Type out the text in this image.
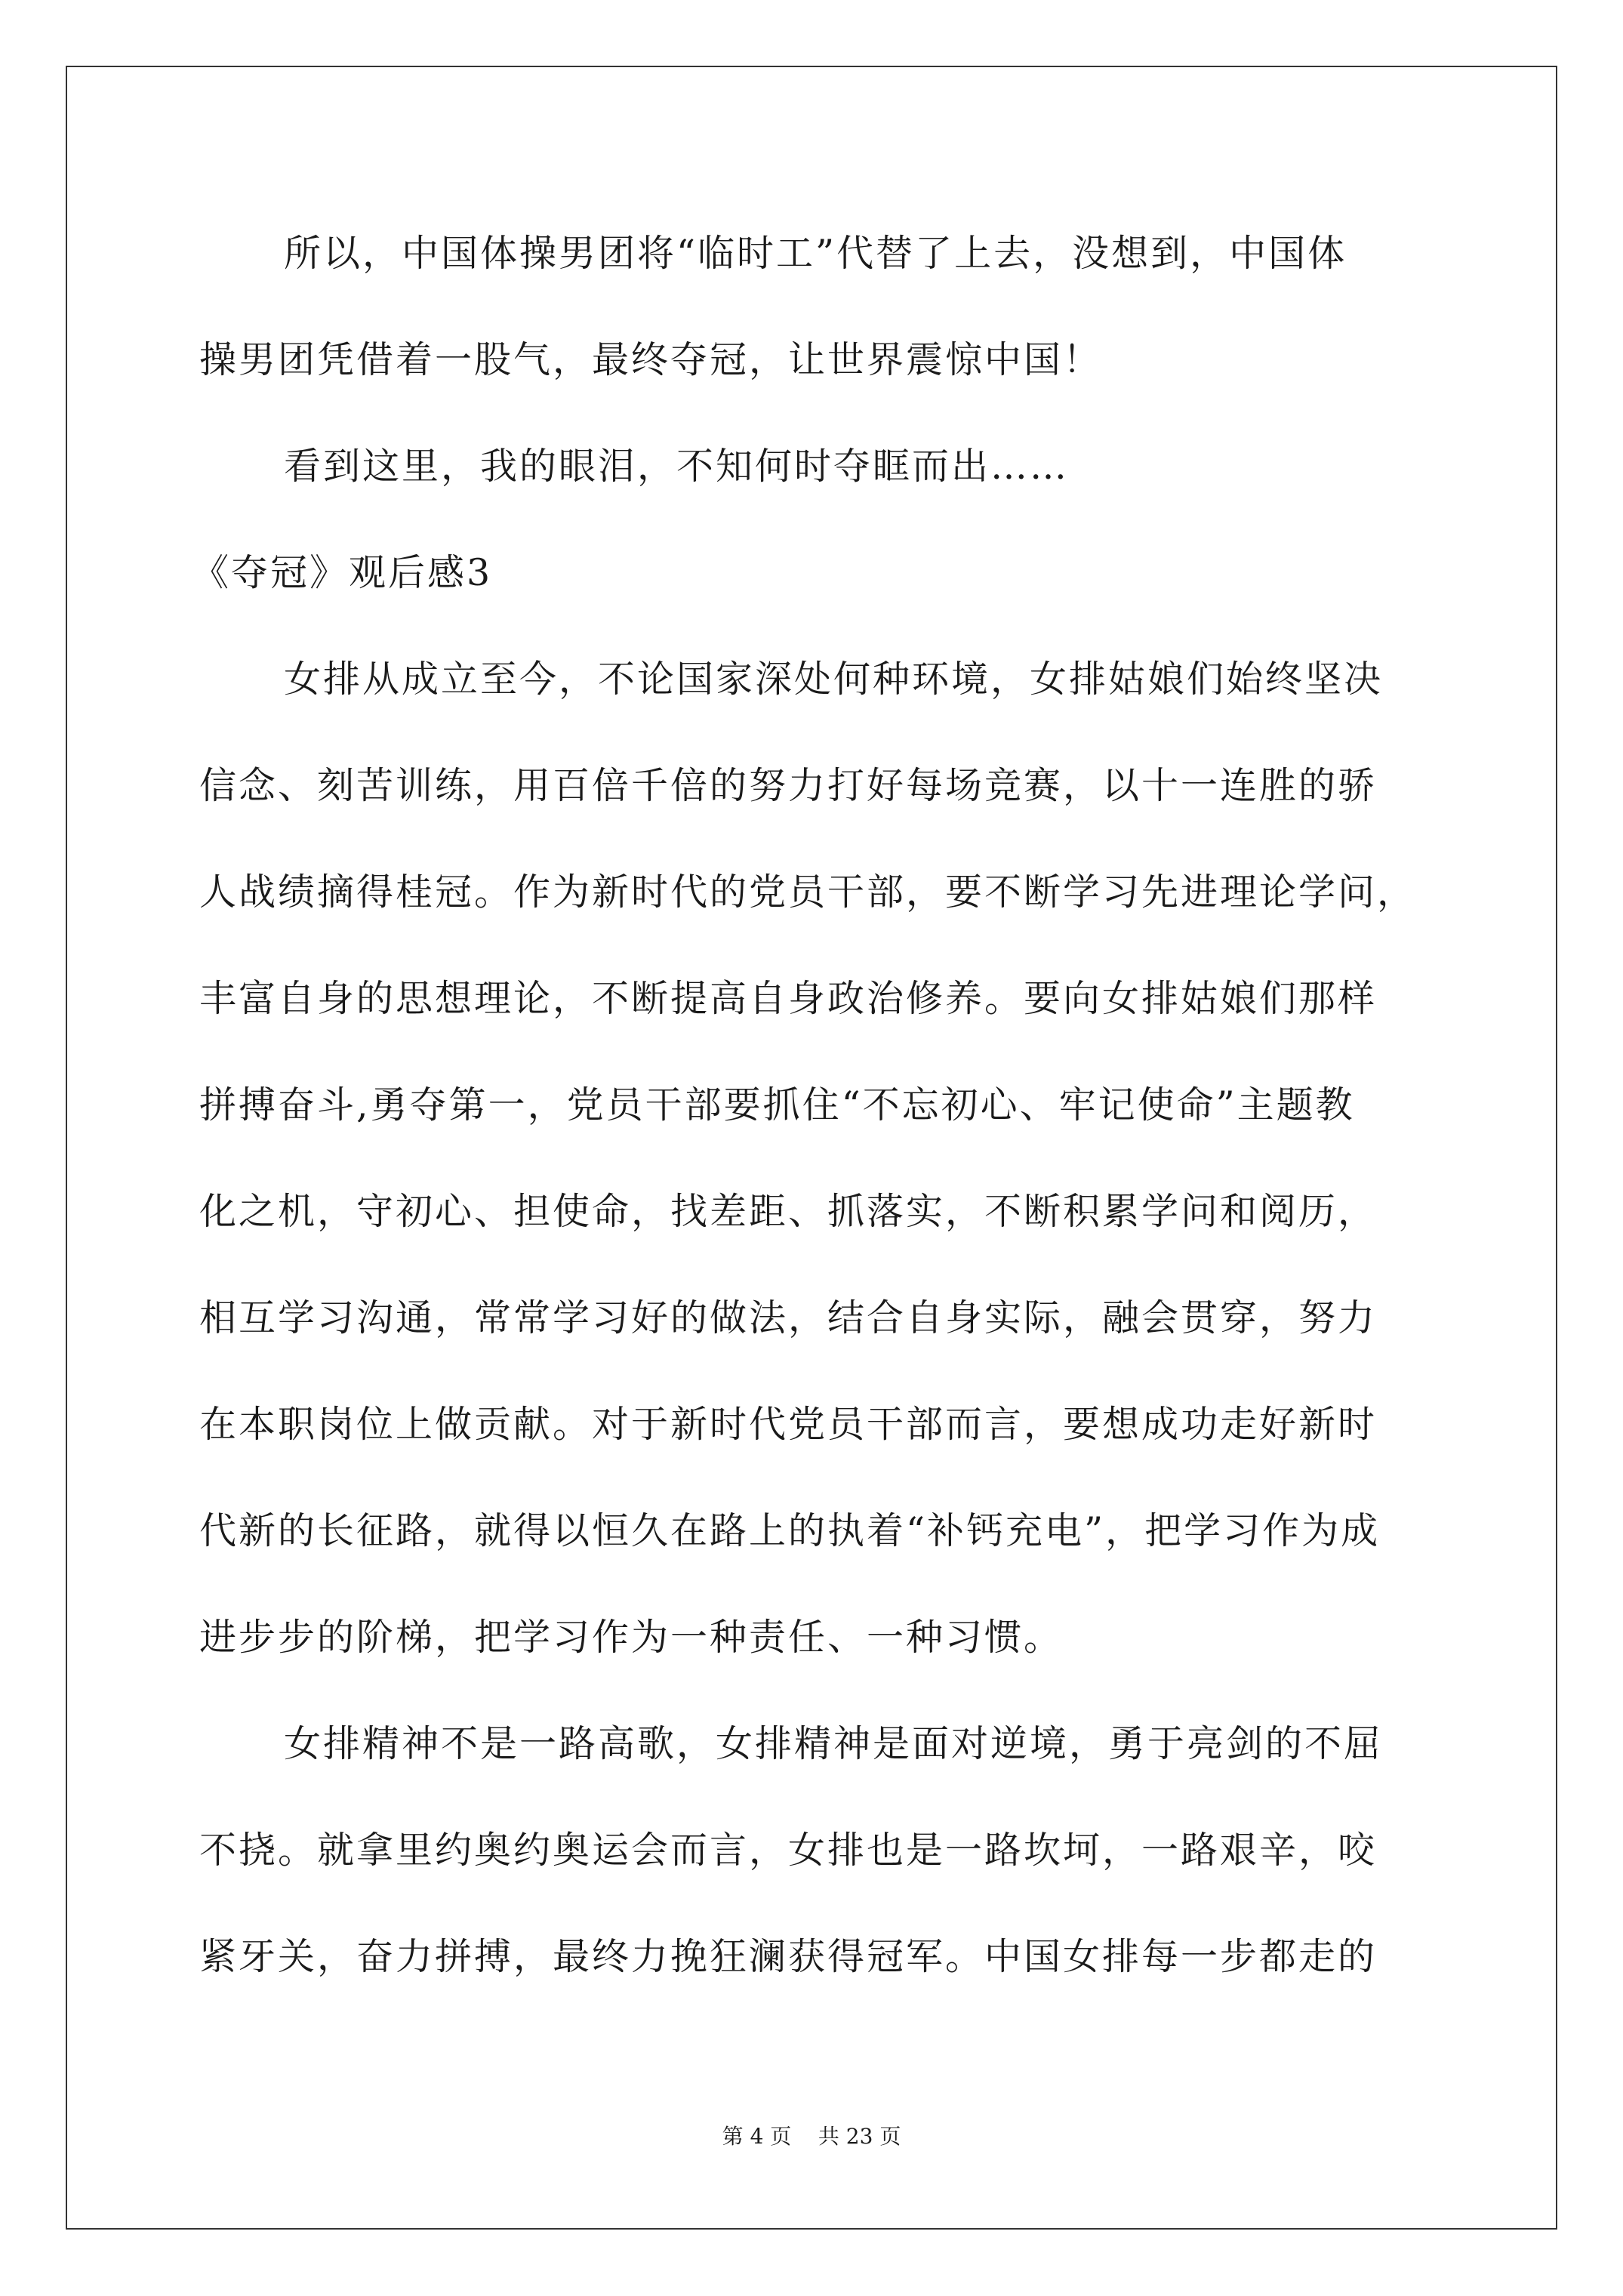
所以，中国体操男团将“临时工”代替了上去，没想到，中国体
操男团凭借着一股气，最终夺冠，让世界震惊中国！
看到这里，我的眼泪，不知何时夺眶而出……
《夺冠》观后感3
女排从成立至今，不论国家深处何种环境，女排姑娘们始终坚决
信念、刻苦训练，用百倍千倍的努力打好每场竞赛，以十一连胜的骄
人战绩摘得桂冠。作为新时代的党员干部，要不断学习先进理论学问，
丰富自身的思想理论，不断提高自身政治修养。要向女排姑娘们那样
拼搏奋斗,勇夺第一，党员干部要抓住“不忘初心、牢记使命”主题教
化之机，守初心、担使命，找差距、抓落实，不断积累学问和阅历，
相互学习沟通，常常学习好的做法，结合自身实际，融会贯穿，努力
在本职岗位上做贡献。对于新时代党员干部而言，要想成功走好新时
代新的长征路，就得以恒久在路上的执着“补钙充电”，把学习作为成
进步步的阶梯，把学习作为一种责任、一种习惯。
女排精神不是一路高歌，女排精神是面对逆境，勇于亮剑的不屈
不挠。就拿里约奥约奥运会而言，女排也是一路坎坷，一路艰辛，咬
紧牙关，奋力拼搏，最终力挽狂澜获得冠军。中国女排每一步都走的
第 4 页    共 23 页
